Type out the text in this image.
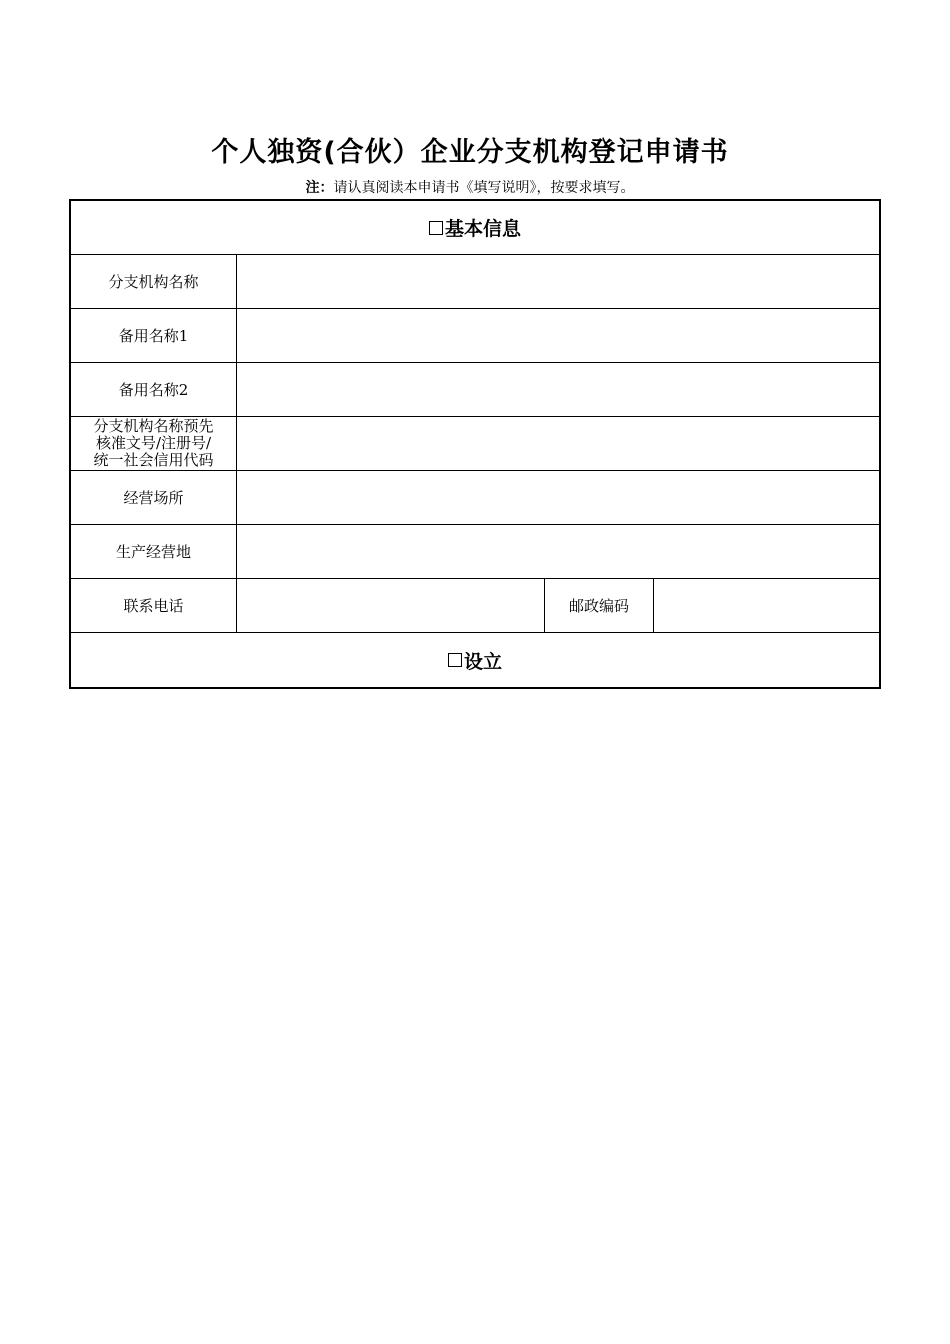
个人独资(合伙）企业分支机构登记申请书
注：请认真阅读本申请书《填写说明》，按要求填写。
基本信息
分支机构名称
备用名称1
备用名称2
分支机构名称预先
核准文号/注册号/
统一社会信用代码
经营场所
生产经营地
联系电话	邮政编码
设立
